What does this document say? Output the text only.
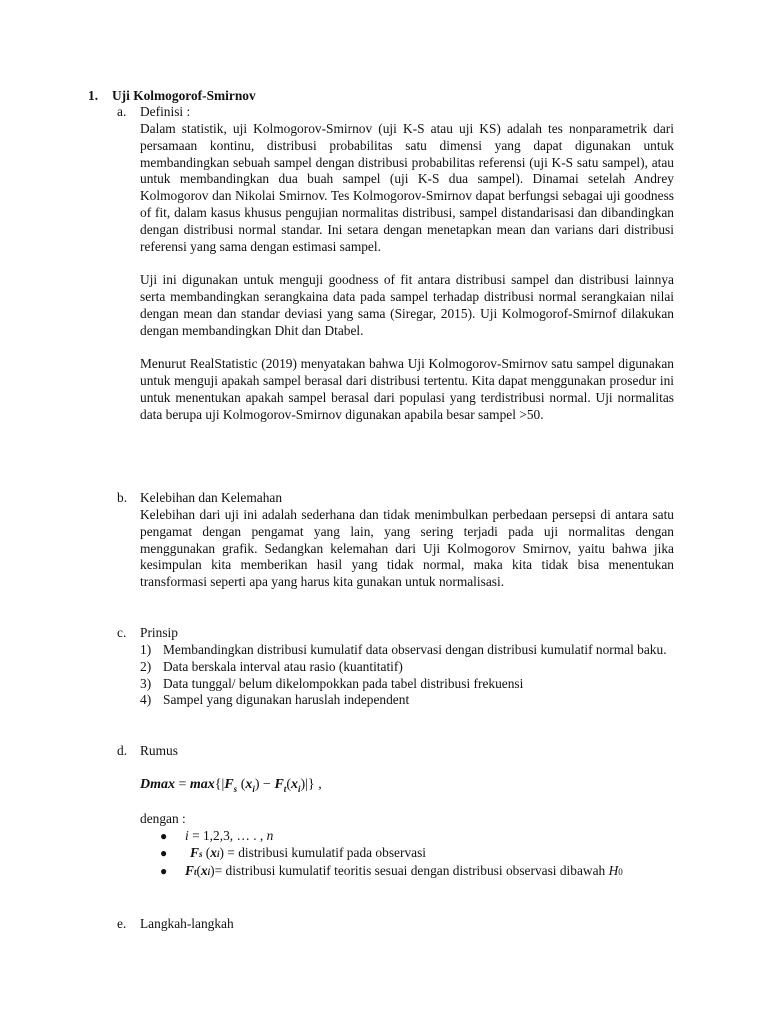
1. Uji Kolmogorof-Smirnov
a. Definisi :

Dalam statistik, uji Kolmogorov-Smirnov (uji K-S atau uji KS) adalah tes nonparametrik dari persamaan kontinu, distribusi probabilitas satu dimensi yang dapat digunakan untuk membandingkan sebuah sampel dengan distribusi probabilitas referensi (uji K-S satu sampel), atau untuk membandingkan dua buah sampel (uji K-S dua sampel). Dinamai setelah Andrey Kolmogorov dan Nikolai Smirnov. Tes Kolmogorov-Smirnov dapat berfungsi sebagai uji goodness of fit, dalam kasus khusus pengujian normalitas distribusi, sampel distandarisasi dan dibandingkan dengan distribusi normal standar. Ini setara dengan menetapkan mean dan varians dari distribusi referensi yang sama dengan estimasi sampel.

Uji ini digunakan untuk menguji goodness of fit antara distribusi sampel dan distribusi lainnya serta membandingkan serangkaina data pada sampel terhadap distribusi normal serangkaian nilai dengan mean dan standar deviasi yang sama (Siregar, 2015). Uji Kolmogorof-Smirnof dilakukan dengan membandingkan Dhit dan Dtabel.

Menurut RealStatistic (2019) menyatakan bahwa Uji Kolmogorov-Smirnov satu sampel digunakan untuk menguji apakah sampel berasal dari distribusi tertentu. Kita dapat menggunakan prosedur ini untuk menentukan apakah sampel berasal dari populasi yang terdistribusi normal. Uji normalitas data berupa uji Kolmogorov-Smirnov digunakan apabila besar sampel >50.

b. Kelebihan dan Kelemahan

Kelebihan dari uji ini adalah sederhana dan tidak menimbulkan perbedaan persepsi di antara satu pengamat dengan pengamat yang lain, yang sering terjadi pada uji normalitas dengan menggunakan grafik. Sedangkan kelemahan dari Uji Kolmogorov Smirnov, yaitu bahwa jika kesimpulan kita memberikan hasil yang tidak normal, maka kita tidak bisa menentukan transformasi seperti apa yang harus kita gunakan untuk normalisasi.

c. Prinsip
1) Membandingkan distribusi kumulatif data observasi dengan distribusi kumulatif normal baku.
2) Data berskala interval atau rasio (kuantitatif)
3) Data tunggal/ belum dikelompokkan pada tabel distribusi frekuensi
4) Sampel yang digunakan haruslah independent
d. Rumus
$Dmax = \max\{|F_s$ $(x_i) - F_t(x_i)|$} ,
dengan :
● i = 1,2,3, … . , n
● Fs (xi) = distribusi kumulatif pada observasi
● Ft(xi)= distribusi kumulatif teoritis sesuai dengan distribusi observasi dibawah H0
e. Langkah-langkah
